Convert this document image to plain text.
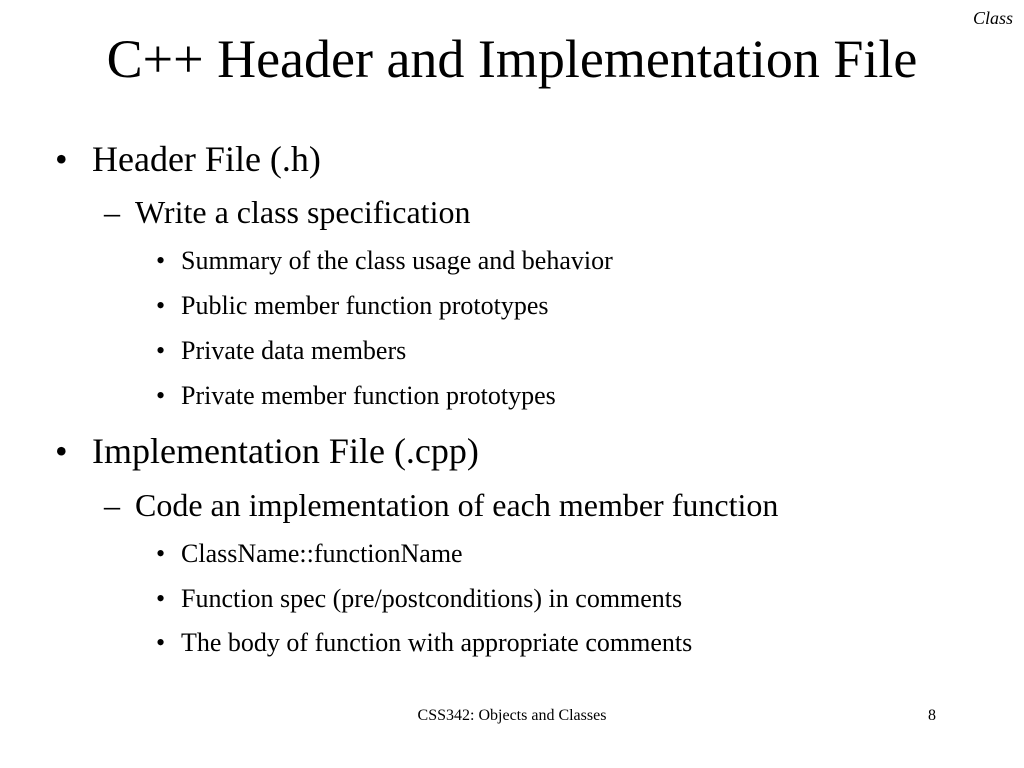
Class
C++ Header and Implementation File
• Header File (.h)
– Write a class specification
• Summary of the class usage and behavior
• Public member function prototypes
• Private data members
• Private member function prototypes
• Implementation File (.cpp)
– Code an implementation of each member function
• ClassName::functionName
• Function spec (pre/postconditions) in comments
• The body of function with appropriate comments
CSS342: Objects and Classes	8
